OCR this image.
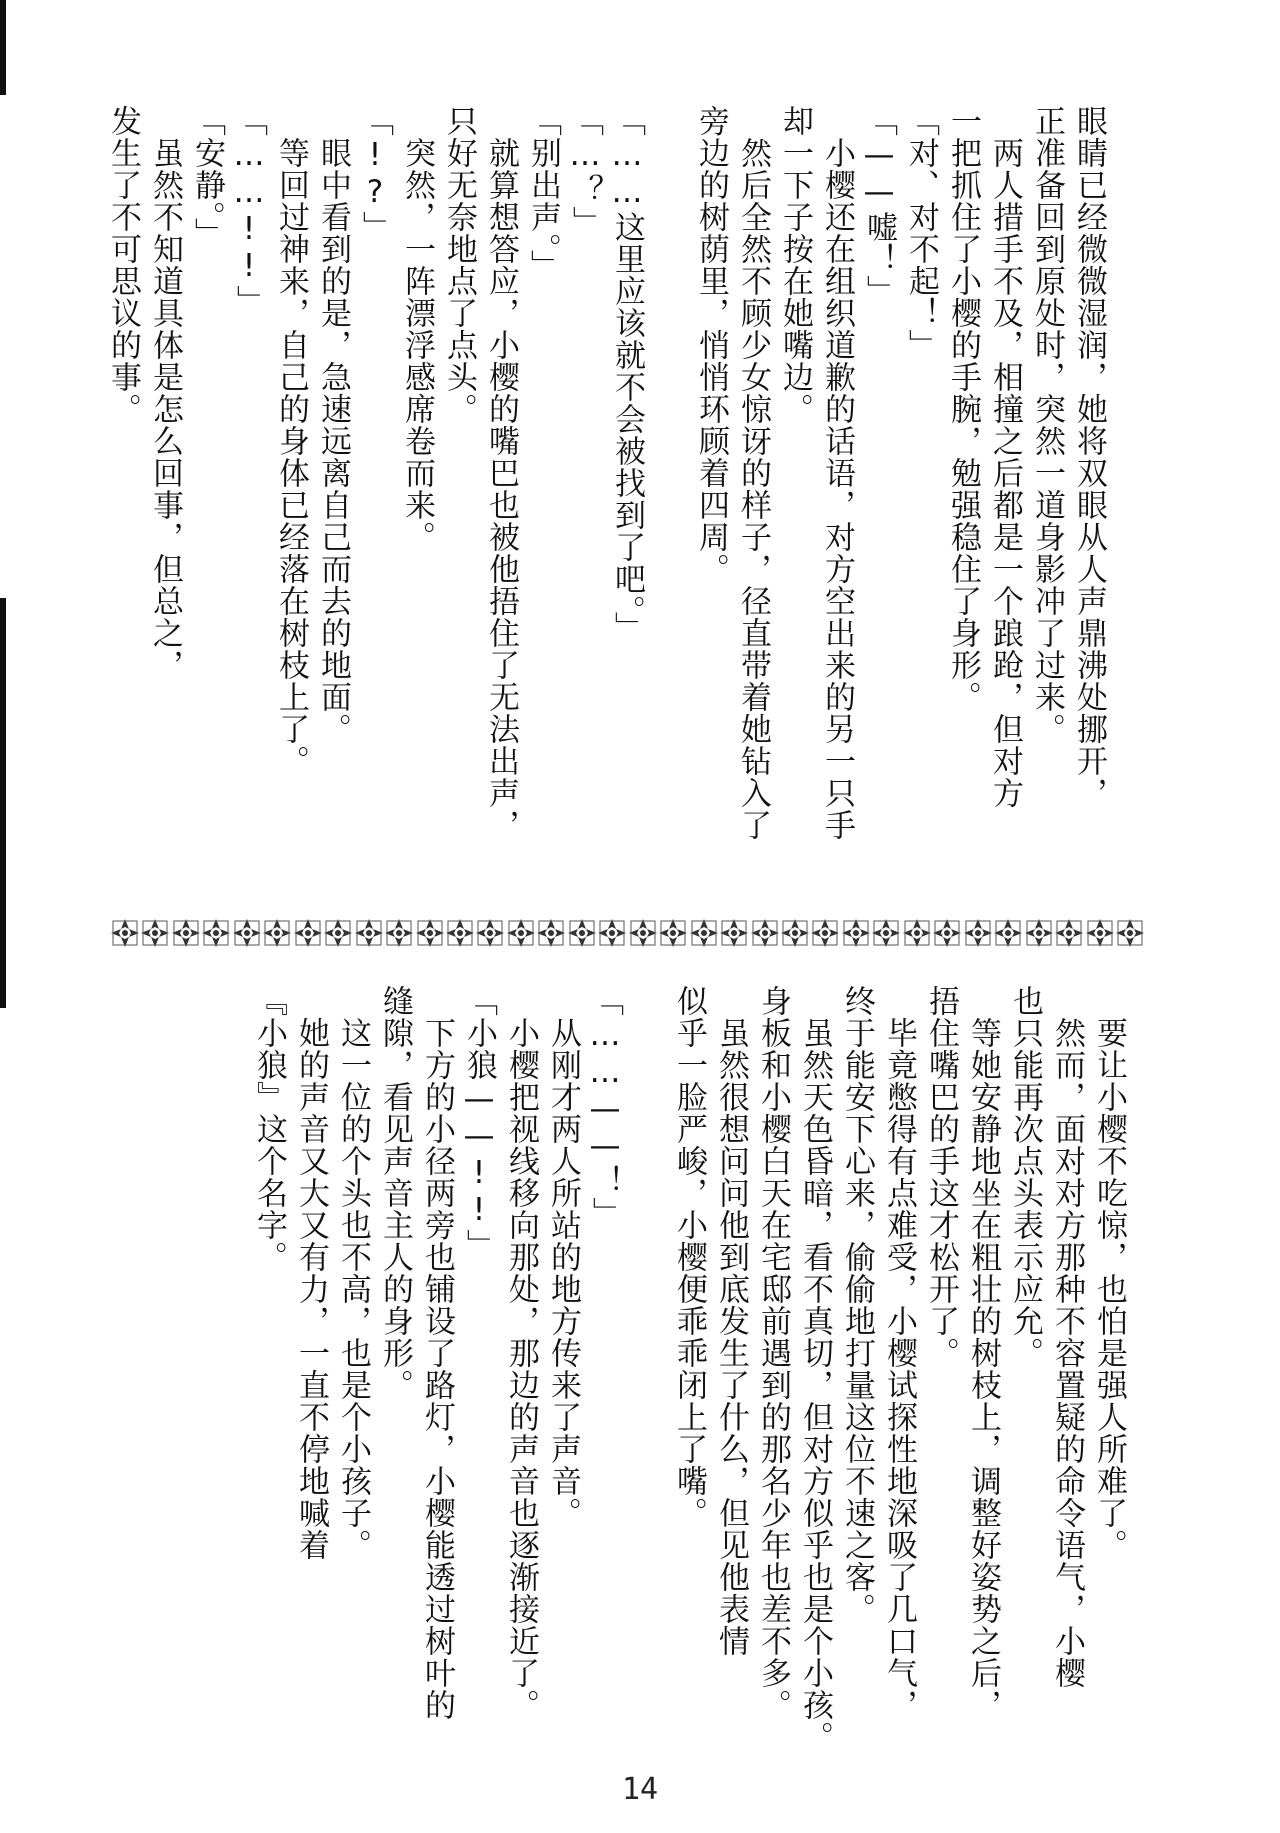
眼睛已经微微湿润，她将双眼从人声鼎沸处挪开，
正准备回到原处时，突然一道身影冲了过来。
　两人措手不及，相撞之后都是一个踉跄，但对方
一把抓住了小樱的手腕，勉强稳住了身形。
「对、对不起！」
「——嘘！」
　小樱还在组织道歉的话语，对方空出来的另一只手
却一下子按在她嘴边。
　然后全然不顾少女惊讶的样子，径直带着她钻入了
旁边的树荫里，悄悄环顾着四周。

「……这里应该就不会被找到了吧。」
「…？」
「别出声。」
　就算想答应，小樱的嘴巴也被他捂住了无法出声，
只好无奈地点了点头。
　突然，一阵漂浮感席卷而来。
「!?」
　眼中看到的是，急速远离自己而去的地面。
　等回过神来，自己的身体已经落在树枝上了。
「……!!」
「安静。」
　虽然不知道具体是怎么回事，但总之，
发生了不可思议的事。
　要让小樱不吃惊，也怕是强人所难了。
　然而，面对对方那种不容置疑的命令语气，小樱
也只能再次点头表示应允。
　等她安静地坐在粗壮的树枝上，调整好姿势之后，
捂住嘴巴的手这才松开了。
　毕竟憋得有点难受，小樱试探性地深吸了几口气，
终于能安下心来，偷偷地打量这位不速之客。
　虽然天色昏暗，看不真切，但对方似乎也是个小孩。
身板和小樱白天在宅邸前遇到的那名少年也差不多。
　虽然很想问问他到底发生了什么，但见他表情
似乎一脸严峻，小樱便乖乖闭上了嘴。

「……——！」
　从刚才两人所站的地方传来了声音。
　小樱把视线移向那处，那边的声音也逐渐接近了。
「小狼——!!」
　下方的小径两旁也铺设了路灯，小樱能透过树叶的
缝隙，看见声音主人的身形。
　这一位的个头也不高，也是个小孩子。
　她的声音又大又有力，一直不停地喊着
『小狼』这个名字。
14
